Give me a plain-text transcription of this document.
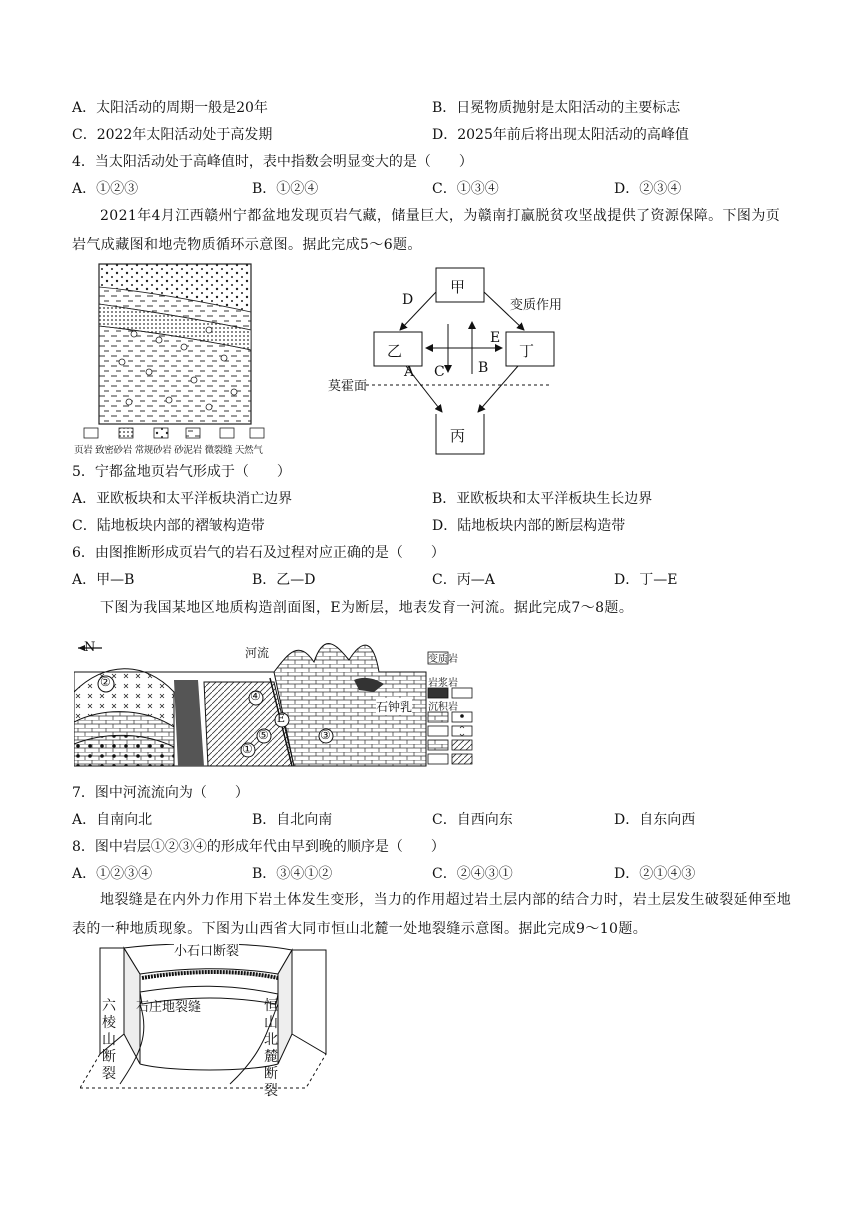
A．太阳活动的周期一般是20年	B．日冕物质抛射是太阳活动的主要标志
C．2022年太阳活动处于高发期	D．2025年前后将出现太阳活动的高峰值
4．当太阳活动处于高峰值时，表中指数会明显变大的是（　　）
A．①②③	B．①②④	C．①③④	D．②③④
2021年4月江西赣州宁都盆地发现页岩气藏，储量巨大，为赣南打赢脱贫攻坚战提供了资源保障。下图为页岩气成藏图和地壳物质循环示意图。据此完成5～6题。
页岩 致密砂岩 常规砂岩 砂泥岩 微裂缝 天然气
甲
乙	丁
丙
D	变质作用
E
A C B
莫霍面
5．宁都盆地页岩气形成于（　　）
A．亚欧板块和太平洋板块消亡边界	B．亚欧板块和太平洋板块生长边界
C．陆地板块内部的褶皱构造带	D．陆地板块内部的断层构造带
6．由图推断形成页岩气的岩石及过程对应正确的是（　　）
A．甲—B	B．乙—D	C．丙—A	D．丁—E
下图为我国某地区地质构造剖面图，E为断层，地表发育一河流。据此完成7～8题。
N	河流
石钟乳
变质岩
岩浆岩
沉积岩
②
④
E
①
⑤	③
7．图中河流流向为（　　）
A．自南向北	B．自北向南	C．自西向东	D．自东向西
8．图中岩层①②③④的形成年代由早到晚的顺序是（　　）
A．①②③④	B．③④①②	C．②④③①	D．②①④③
地裂缝是在内外力作用下岩土体发生变形，当力的作用超过岩土层内部的结合力时，岩土层发生破裂延伸至地表的一种地质现象。下图为山西省大同市恒山北麓一处地裂缝示意图。据此完成9～10题。
小石口断裂
石庄地裂缝
六棱山断裂
恒山北麓断裂
